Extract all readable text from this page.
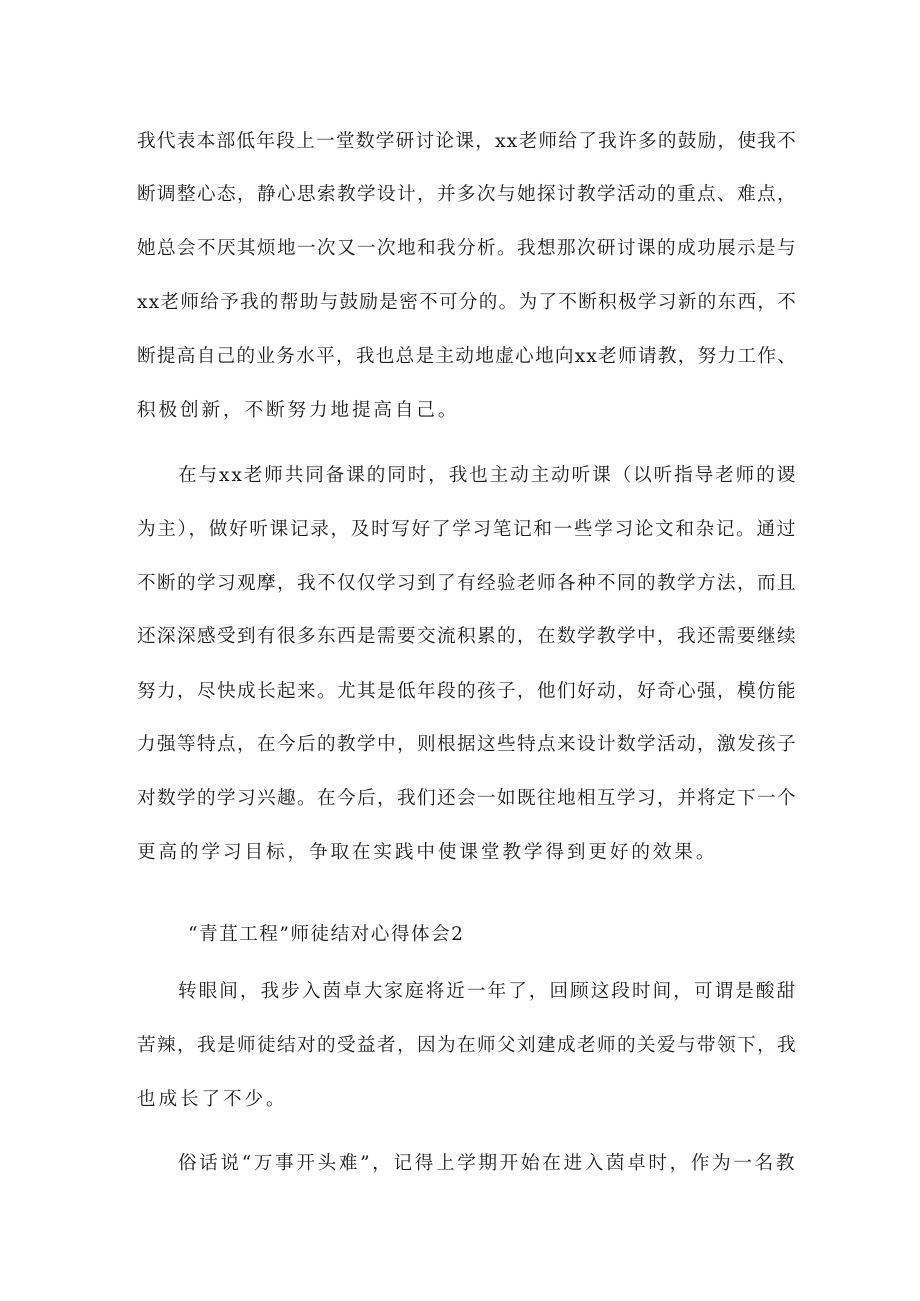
我代表本部低年段上一堂数学研讨论课，xx老师给了我许多的鼓励，使我不
断调整心态，静心思索教学设计，并多次与她探讨教学活动的重点、难点，
她总会不厌其烦地一次又一次地和我分析。我想那次研讨课的成功展示是与
xx老师给予我的帮助与鼓励是密不可分的。为了不断积极学习新的东西，不
断提高自己的业务水平，我也总是主动地虚心地向xx老师请教，努力工作、
积极创新，不断努力地提高自己。
在与xx老师共同备课的同时，我也主动主动听课（以听指导老师的谡
为主），做好听课记录，及时写好了学习笔记和一些学习论文和杂记。通过
不断的学习观摩，我不仅仅学习到了有经验老师各种不同的教学方法，而且
还深深感受到有很多东西是需要交流积累的，在数学教学中，我还需要继续
努力，尽快成长起来。尤其是低年段的孩子，他们好动，好奇心强，模仿能
力强等特点，在今后的教学中，则根据这些特点来设计数学活动，激发孩子
对数学的学习兴趣。在今后，我们还会一如既往地相互学习，并将定下一个
更高的学习目标，争取在实践中使课堂教学得到更好的效果。
“青苴工程”师徒结对心得体会2
转眼间，我步入茵卓大家庭将近一年了，回顾这段时间，可谓是酸甜
苦辣，我是师徒结对的受益者，因为在师父刘建成老师的关爱与带领下，我
也成长了不少。
俗话说“万事开头难”，记得上学期开始在进入茵卓时，作为一名教
